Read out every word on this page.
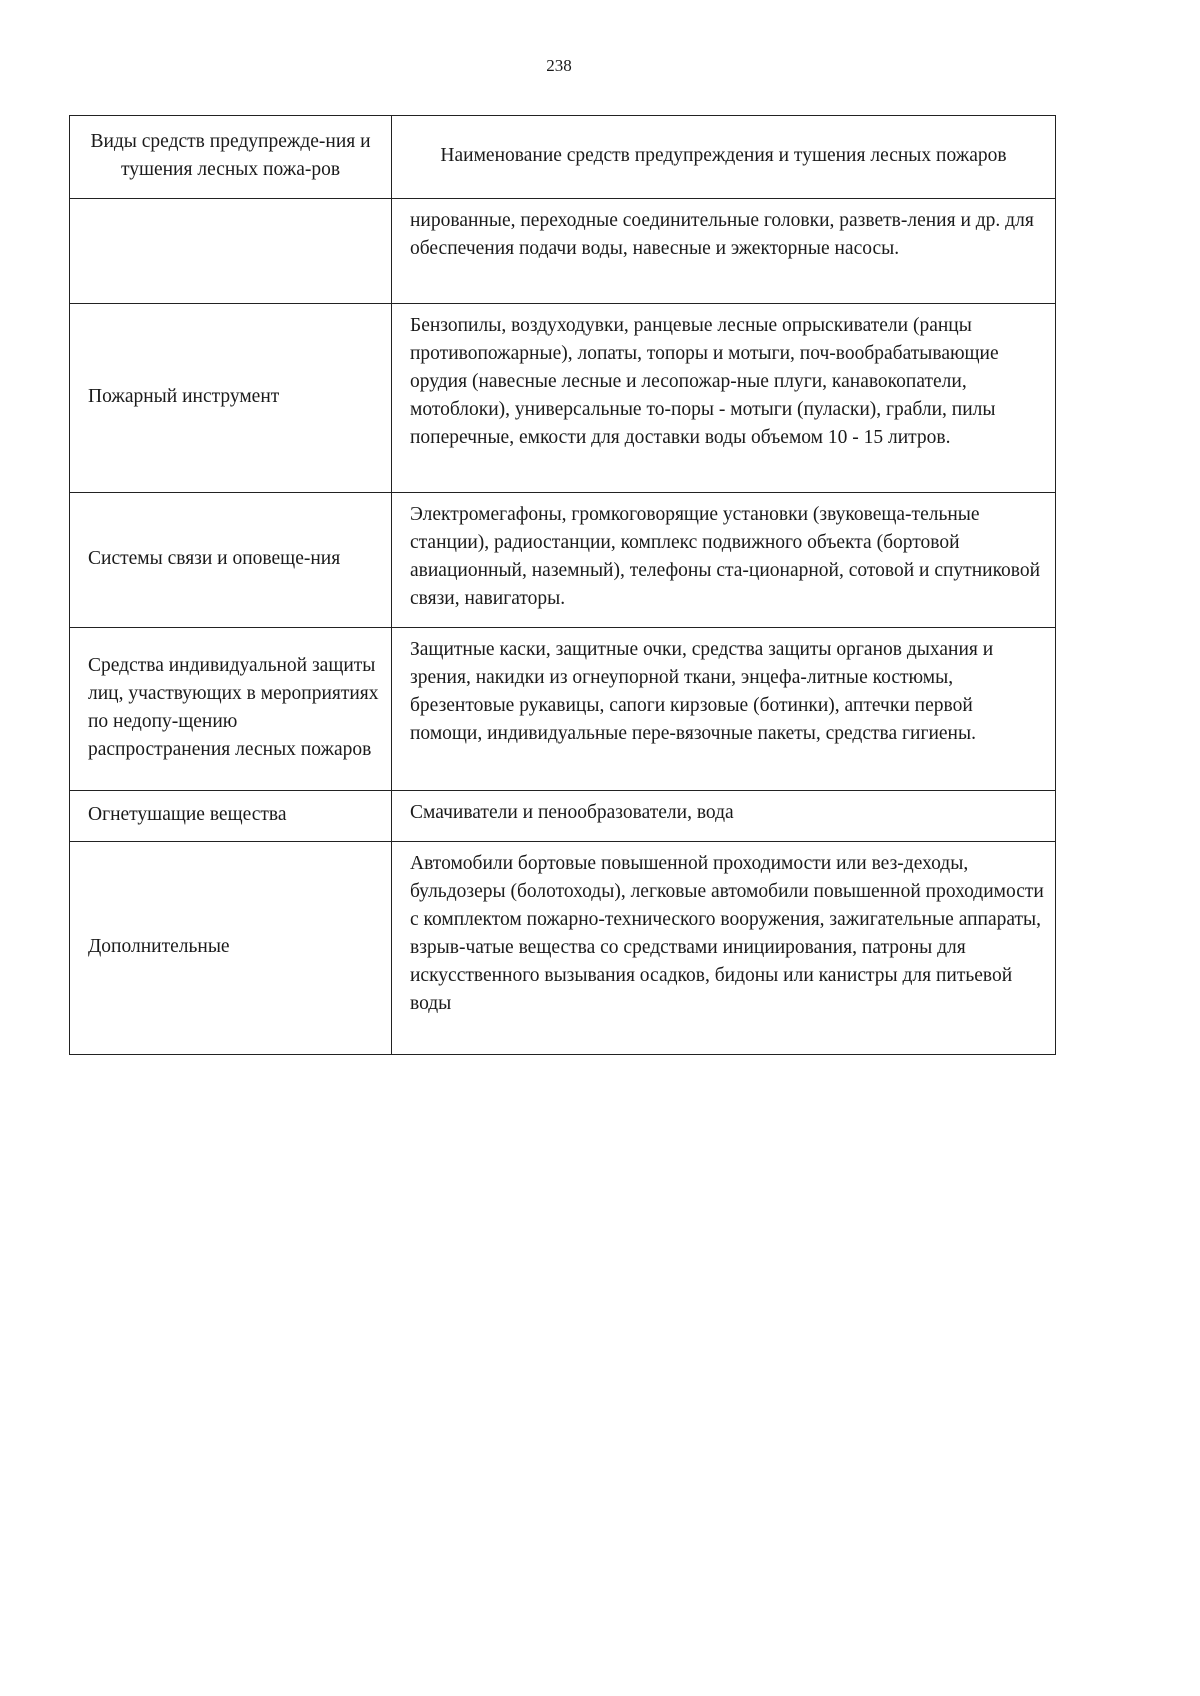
238
Виды средств предупрежде-ния и тушения лесных пожа-ров	Наименование средств предупреждения и тушения лесных пожаров
	нированные, переходные соединительные головки, разветв-ления и др. для обеспечения подачи воды, навесные и эжекторные насосы.
Пожарный инструмент	Бензопилы, воздуходувки, ранцевые лесные опрыскиватели (ранцы противопожарные), лопаты, топоры и мотыги, поч-вообрабатывающие орудия (навесные лесные и лесопожар-ные плуги, канавокопатели, мотоблоки), универсальные то-поры - мотыги (пуласки), грабли, пилы поперечные, емкости для доставки воды объемом 10 - 15 литров.
Системы связи и оповеще-ния	Электромегафоны, громкоговорящие установки (звуковеща-тельные станции), радиостанции, комплекс подвижного объекта (бортовой авиационный, наземный), телефоны ста-ционарной, сотовой и спутниковой связи, навигаторы.
Средства индивидуальной защиты лиц, участвующих в мероприятиях по недопу-щению распространения лесных пожаров	Защитные каски, защитные очки, средства защиты органов дыхания и зрения, накидки из огнеупорной ткани, энцефа-литные костюмы, брезентовые рукавицы, сапоги кирзовые (ботинки), аптечки первой помощи, индивидуальные пере-вязочные пакеты, средства гигиены.
Огнетушащие вещества	Смачиватели и пенообразователи, вода
Дополнительные	Автомобили бортовые повышенной проходимости или вез-деходы, бульдозеры (болотоходы), легковые автомобили повышенной проходимости с комплектом пожарно-технического вооружения, зажигательные аппараты, взрыв-чатые вещества со средствами инициирования, патроны для искусственного вызывания осадков, бидоны или канистры для питьевой воды
